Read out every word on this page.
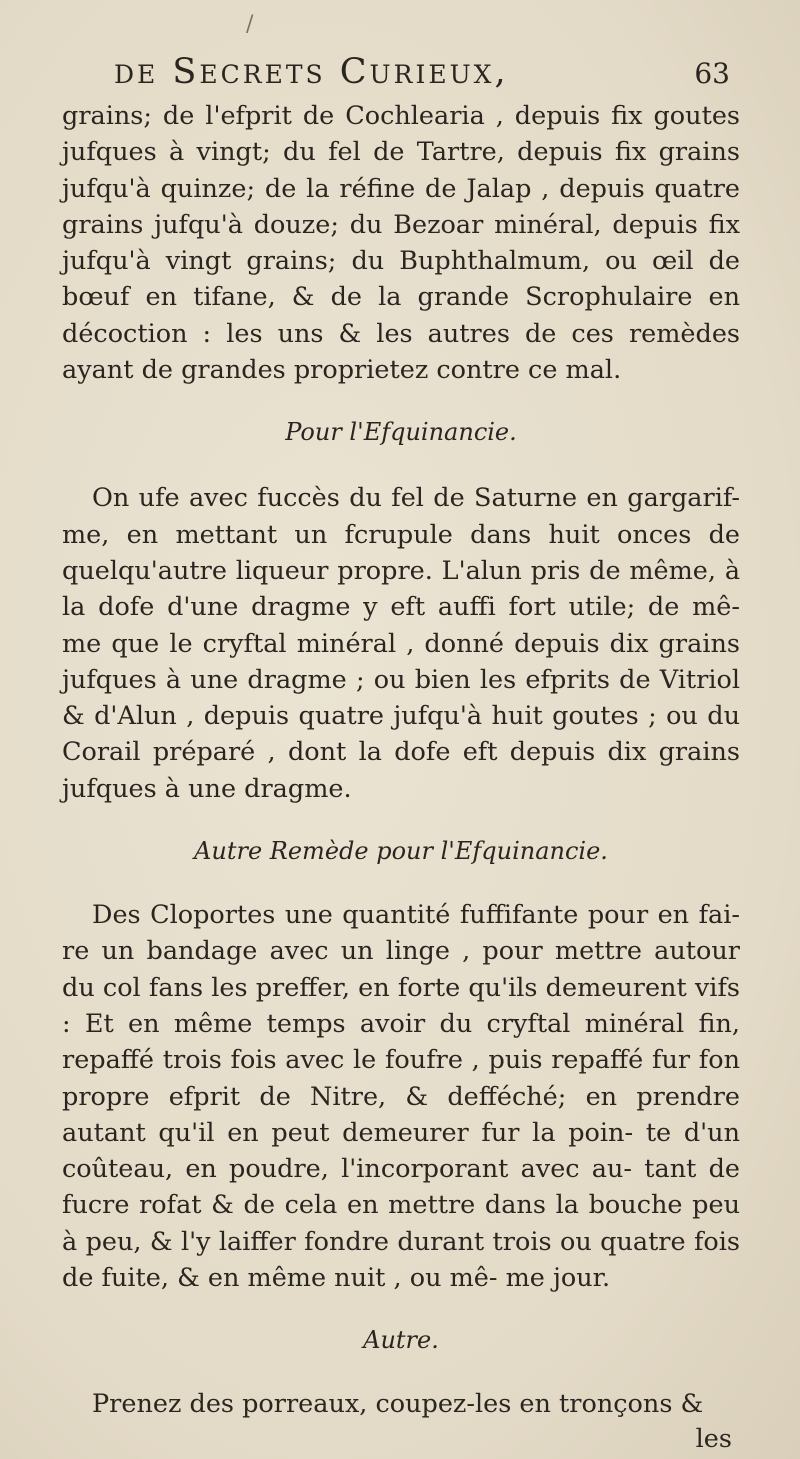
de Secrets Curieux,	63

grains; de l'efprit de Cochlearia , depuis fix goutes jufques à vingt; du fel de Tartre, depuis fix grains jufqu'à quinze; de la réfine de Jalap , depuis quatre grains jufqu'à douze; du Bezoar minéral, depuis fix jufqu'à vingt grains; du Buphthalmum, ou œil de bœuf en tifane, & de la grande Scrophulaire en décoction : les uns & les autres de ces remèdes ayant de grandes proprietez contre ce mal.

Pour l'Efquinancie.

On ufe avec fuccès du fel de Saturne en gargarif- me, en mettant un fcrupule dans huit onces de quelqu'autre liqueur propre. L'alun pris de même, à la dofe d'une dragme y eft auffi fort utile; de mê- me que le cryftal minéral , donné depuis dix grains jufques à une dragme ; ou bien les efprits de Vitriol & d'Alun , depuis quatre jufqu'à huit goutes ; ou du Corail préparé , dont la dofe eft depuis dix grains jufques à une dragme.

Autre Remède pour l'Efquinancie.

Des Cloportes une quantité fuffifante pour en fai- re un bandage avec un linge , pour mettre autour du col fans les preffer, en forte qu'ils demeurent vifs : Et en même temps avoir du cryftal minéral fin, repaffé trois fois avec le foufre , puis repaffé fur fon propre efprit de Nitre, & defféché; en prendre autant qu'il en peut demeurer fur la poin- te d'un coûteau, en poudre, l'incorporant avec au- tant de fucre rofat & de cela en mettre dans la bouche peu à peu, & l'y laiffer fondre durant trois ou quatre fois de fuite, & en même nuit , ou mê- me jour.

Autre.

Prenez des porreaux, coupez-les en tronçons &

les
/
